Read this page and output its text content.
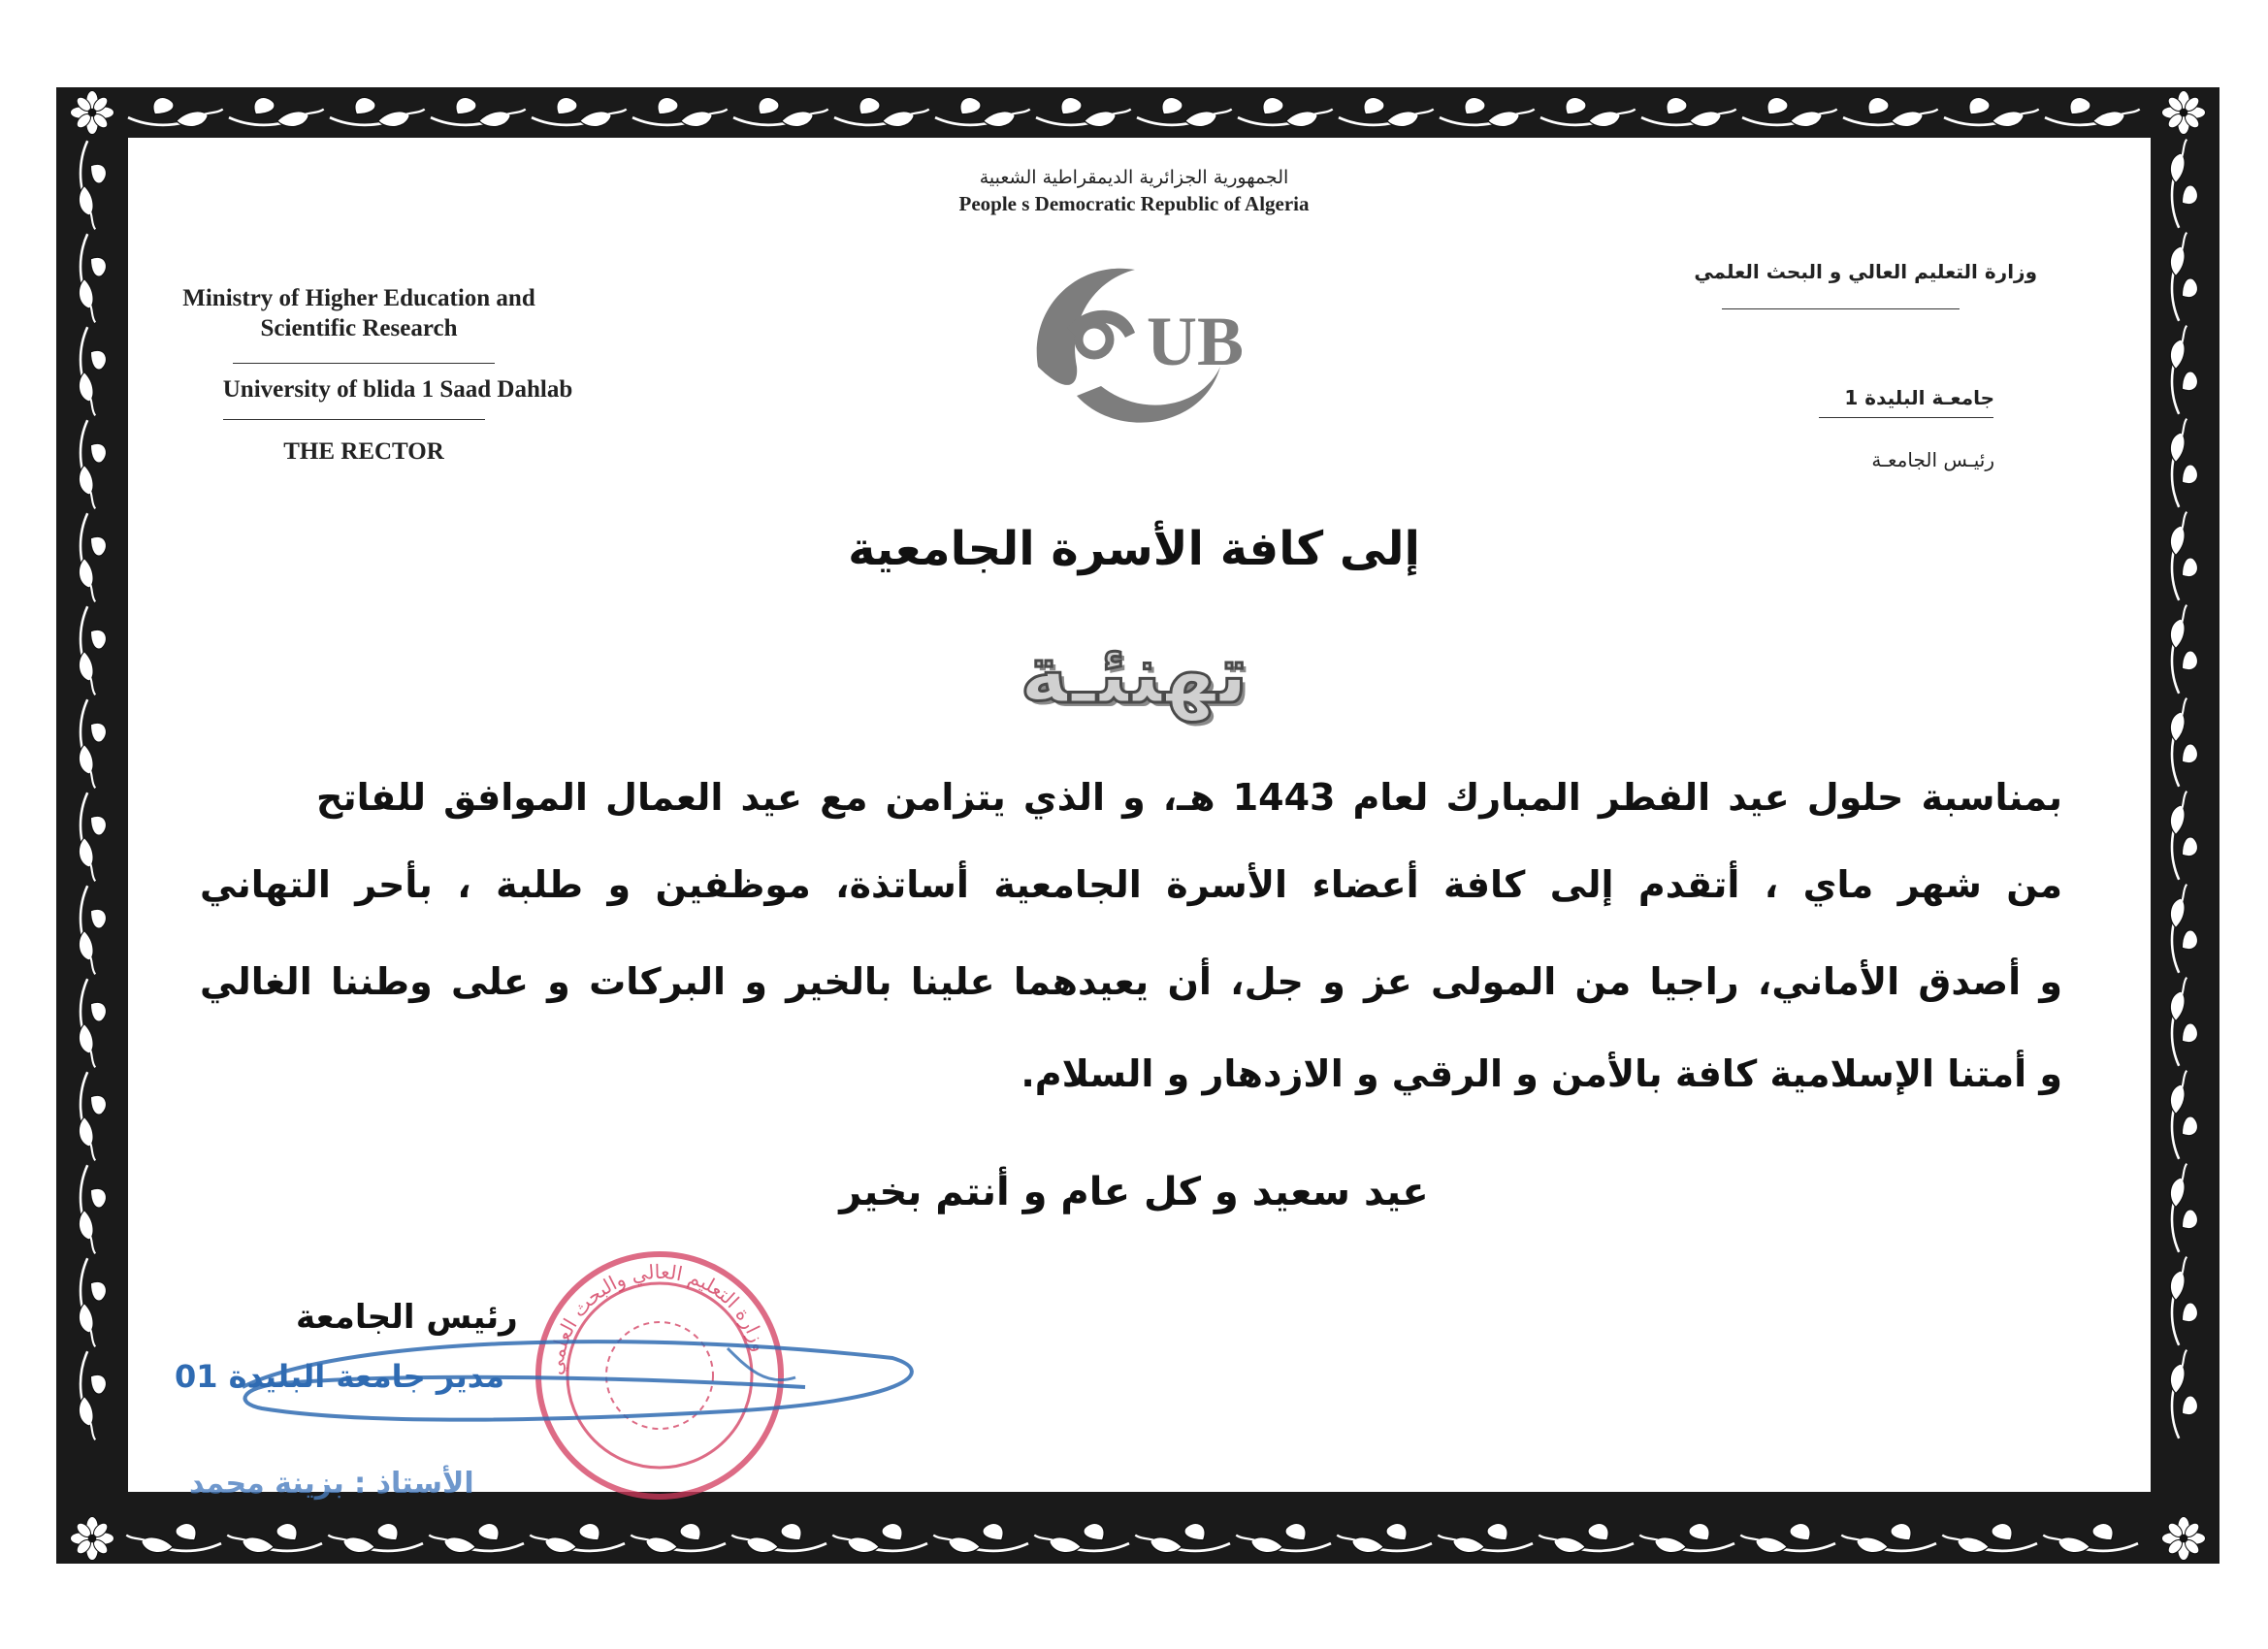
الجمهورية الجزائرية الديمقراطية الشعبية
People s Democratic Republic of Algeria
Ministry of Higher Education and
Scientific Research
University of blida 1 Saad Dahlab
THE RECTOR
وزارة التعليم العالي و البحث العلمي
جامعـة البليدة 1
رئيـس الجامعـة
UB
إلى كافة الأسرة الجامعية
تهنئـة
بمناسبة حلول عيد الفطر المبارك لعام 1443 هـ، و الذي يتزامن مع عيد العمال الموافق للفاتح
من شهر ماي ، أتقدم إلى كافة أعضاء الأسرة الجامعية أساتذة، موظفين و طلبة ، بأحر التهاني
و أصدق الأماني، راجيا من المولى عز و جل، أن يعيدهما علينا بالخير و البركات و على وطننا الغالي
و أمتنا الإسلامية كافة بالأمن و الرقي و الازدهار و السلام.
عيد سعيد و كل عام و أنتم بخير
وزارة التعليم العالي والبحث العلمي
رئيس الجامعة
مدير جامعة البليدة 01
الأستاذ : بزينة محمد
